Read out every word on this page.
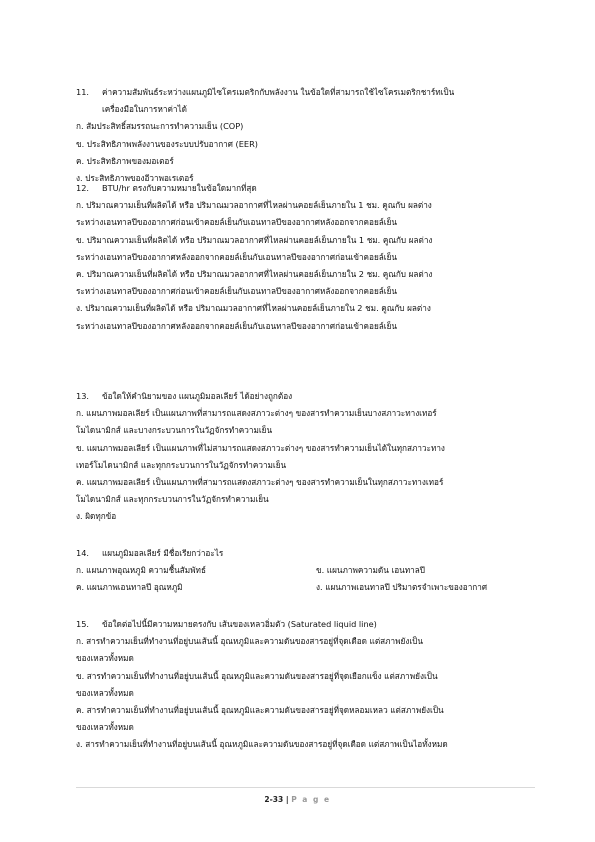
11. ค่าความสัมพันธ์ระหว่างแผนภูมิไซโครเมตริกกับพลังงาน ในข้อใดที่สามารถใช้ไซโครเมตริกชาร์ทเป็น
เครื่องมือในการหาค่าได้
ก. สัมประสิทธิ์สมรรถนะการทำความเย็น (COP)
ข. ประสิทธิภาพพลังงานของระบบปรับอากาศ (EER)
ค. ประสิทธิภาพของมอเตอร์
ง. ประสิทธิภาพของอีวาพอเรเตอร์
12. BTU/hr ตรงกับความหมายในข้อใดมากที่สุด
ก. ปริมาณความเย็นที่ผลิตได้ หรือ ปริมาณมวลอากาศที่ไหลผ่านคอยล์เย็นภายใน 1 ชม. คูณกับ ผลต่าง
ระหว่างเอนทาลปีของอากาศก่อนเข้าคอยล์เย็นกับเอนทาลปีของอากาศหลังออกจากคอยล์เย็น
ข. ปริมาณความเย็นที่ผลิตได้ หรือ ปริมาณมวลอากาศที่ไหลผ่านคอยล์เย็นภายใน 1 ชม. คูณกับ ผลต่าง
ระหว่างเอนทาลปีของอากาศหลังออกจากคอยล์เย็นกับเอนทาลปีของอากาศก่อนเข้าคอยล์เย็น
ค. ปริมาณความเย็นที่ผลิตได้ หรือ ปริมาณมวลอากาศที่ไหลผ่านคอยล์เย็นภายใน 2 ชม. คูณกับ ผลต่าง
ระหว่างเอนทาลปีของอากาศก่อนเข้าคอยล์เย็นกับเอนทาลปีของอากาศหลังออกจากคอยล์เย็น
ง. ปริมาณความเย็นที่ผลิตได้ หรือ ปริมาณมวลอากาศที่ไหลผ่านคอยล์เย็นภายใน 2 ชม. คูณกับ ผลต่าง
ระหว่างเอนทาลปีของอากาศหลังออกจากคอยล์เย็นกับเอนทาลปีของอากาศก่อนเข้าคอยล์เย็น
13. ข้อใดให้คำนิยามของ แผนภูมิมอลเลียร์ ได้อย่างถูกต้อง
ก. แผนภาพมอลเลียร์ เป็นแผนภาพที่สามารถแสดงสภาวะต่างๆ ของสารทำความเย็นบางสภาวะทางเทอร์
โมไดนามิกส์ และบางกระบวนการในวัฏจักรทำความเย็น
ข. แผนภาพมอลเลียร์ เป็นแผนภาพที่ไม่สามารถแสดงสภาวะต่างๆ ของสารทำความเย็นได้ในทุกสภาวะทาง
เทอร์โมไดนามิกส์ และทุกกระบวนการในวัฏจักรทำความเย็น
ค. แผนภาพมอลเลียร์ เป็นแผนภาพที่สามารถแสดงสภาวะต่างๆ ของสารทำความเย็นในทุกสภาวะทางเทอร์
โมไดนามิกส์ และทุกกระบวนการในวัฏจักรทำความเย็น
ง. ผิดทุกข้อ
14. แผนภูมิมอลเลียร์ มีชื่อเรียกว่าอะไร
ก. แผนภาพอุณหภูมิ ความชื้นสัมพัทธ์	ข. แผนภาพความดัน เอนทาลปี
ค. แผนภาพเอนทาลปี อุณหภูมิ	ง. แผนภาพเอนทาลปี ปริมาตรจำเพาะของอากาศ
15. ข้อใดต่อไปนี้มีความหมายตรงกับ เส้นของเหลวอิ่มตัว (Saturated liquid line)
ก. สารทำความเย็นที่ทำงานที่อยู่บนเส้นนี้ อุณหภูมิและความดันของสารอยู่ที่จุดเดือด แต่สภาพยังเป็น
ของเหลวทั้งหมด
ข. สารทำความเย็นที่ทำงานที่อยู่บนเส้นนี้ อุณหภูมิและความดันของสารอยู่ที่จุดเยือกแข็ง แต่สภาพยังเป็น
ของเหลวทั้งหมด
ค. สารทำความเย็นที่ทำงานที่อยู่บนเส้นนี้ อุณหภูมิและความดันของสารอยู่ที่จุดหลอมเหลว แต่สภาพยังเป็น
ของเหลวทั้งหมด
ง. สารทำความเย็นที่ทำงานที่อยู่บนเส้นนี้ อุณหภูมิและความดันของสารอยู่ที่จุดเดือด แต่สภาพเป็นไอทั้งหมด
2-33 | P a g e
